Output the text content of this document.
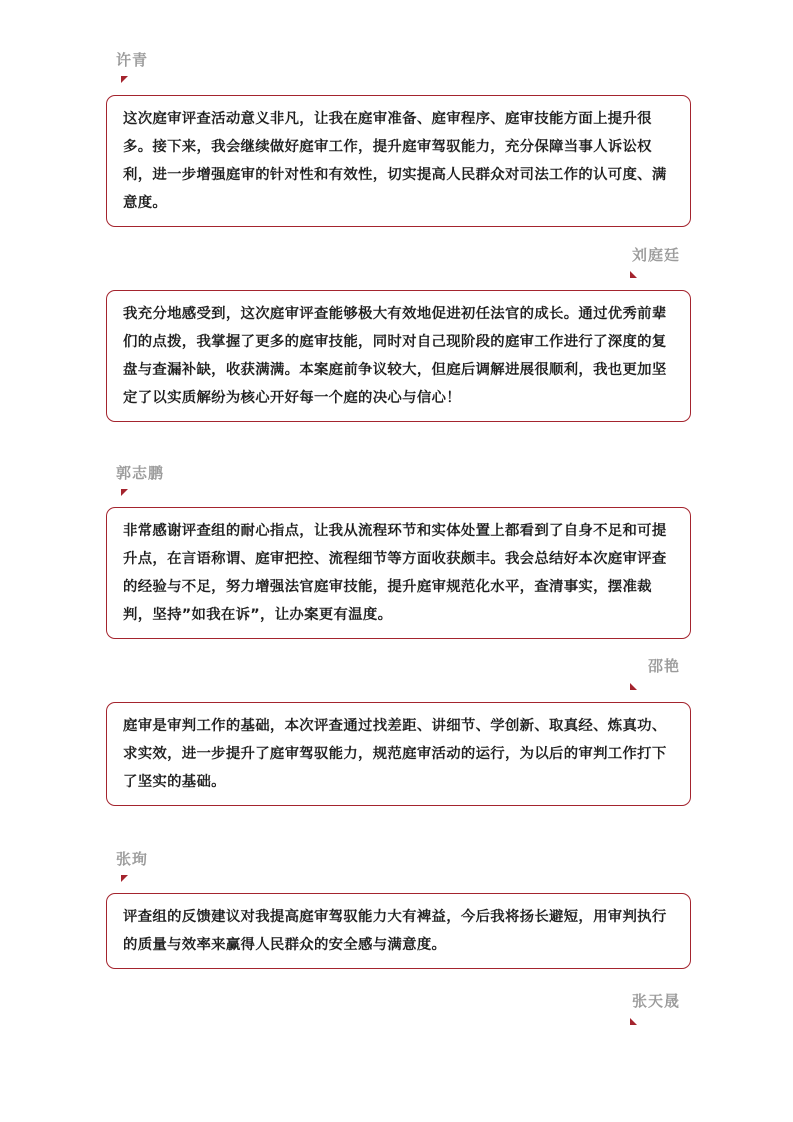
许青
这次庭审评查活动意义非凡，让我在庭审准备、庭审程序、庭审技能方面上提升很多。接下来，我会继续做好庭审工作，提升庭审驾驭能力，充分保障当事人诉讼权利，进一步增强庭审的针对性和有效性，切实提高人民群众对司法工作的认可度、满意度。
刘庭廷
我充分地感受到，这次庭审评查能够极大有效地促进初任法官的成长。通过优秀前辈们的点拨，我掌握了更多的庭审技能，同时对自己现阶段的庭审工作进行了深度的复盘与查漏补缺，收获满满。本案庭前争议较大，但庭后调解进展很顺利，我也更加坚定了以实质解纷为核心开好每一个庭的决心与信心！
郭志鹏
非常感谢评查组的耐心指点，让我从流程环节和实体处置上都看到了自身不足和可提升点，在言语称谓、庭审把控、流程细节等方面收获颇丰。我会总结好本次庭审评查的经验与不足，努力增强法官庭审技能，提升庭审规范化水平，查清事实，摆准裁判，坚持”如我在诉”，让办案更有温度。
邵艳
庭审是审判工作的基础，本次评查通过找差距、讲细节、学创新、取真经、炼真功、求实效，进一步提升了庭审驾驭能力，规范庭审活动的运行，为以后的审判工作打下了坚实的基础。
张珣
评查组的反馈建议对我提高庭审驾驭能力大有裨益，今后我将扬长避短，用审判执行的质量与效率来赢得人民群众的安全感与满意度。
张天晟
